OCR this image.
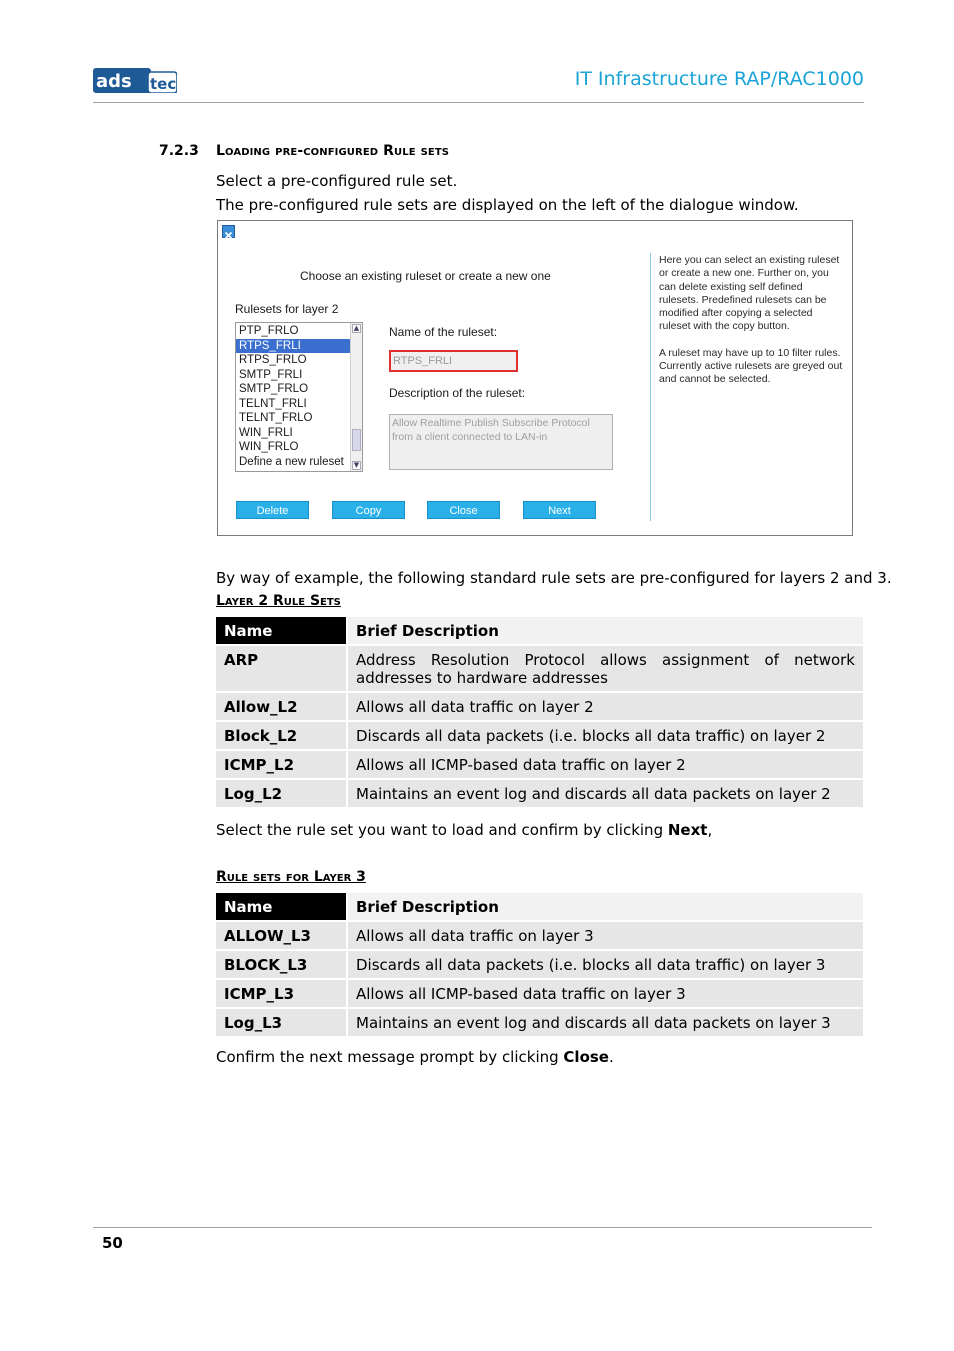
ads tec	IT Infrastructure RAP/RAC1000
7.2.3 Loading pre-configured Rule sets
Select a pre-configured rule set.
The pre-configured rule sets are displayed on the left of the dialogue window.
Choose an existing ruleset or create a new one
Rulesets for layer 2
PTP_FRLO
RTPS_FRLI
RTPS_FRLO
SMTP_FRLI
SMTP_FRLO
TELNT_FRLI
TELNT_FRLO
WIN_FRLI
WIN_FRLO
Define a new ruleset
▲
▼
Name of the ruleset:
RTPS_FRLI
Description of the ruleset:
Allow Realtime Publish Subscribe Protocol from a client connected to LAN-in
Delete	Copy	Close	Next

Here you can select an existing ruleset or create a new one. Further on, you can delete existing self defined rulesets. Predefined rulesets can be modified after copying a selected ruleset with the copy button.

A ruleset may have up to 10 filter rules. Currently active rulesets are greyed out and cannot be selected.

By way of example, the following standard rule sets are pre-configured for layers 2 and 3.
Layer 2 Rule Sets
Name	Brief Description
ARP	Address Resolution Protocol allows assignment of network addresses to hardware addresses
Allow_L2	Allows all data traffic on layer 2
Block_L2	Discards all data packets (i.e. blocks all data traffic) on layer 2
ICMP_L2	Allows all ICMP-based data traffic on layer 2
Log_L2	Maintains an event log and discards all data packets on layer 2
Select the rule set you want to load and confirm by clicking Next,
Rule sets for Layer 3
Name	Brief Description
ALLOW_L3	Allows all data traffic on layer 3
BLOCK_L3	Discards all data packets (i.e. blocks all data traffic) on layer 3
ICMP_L3	Allows all ICMP-based data traffic on layer 3
Log_L3	Maintains an event log and discards all data packets on layer 3
Confirm the next message prompt by clicking Close.
50
